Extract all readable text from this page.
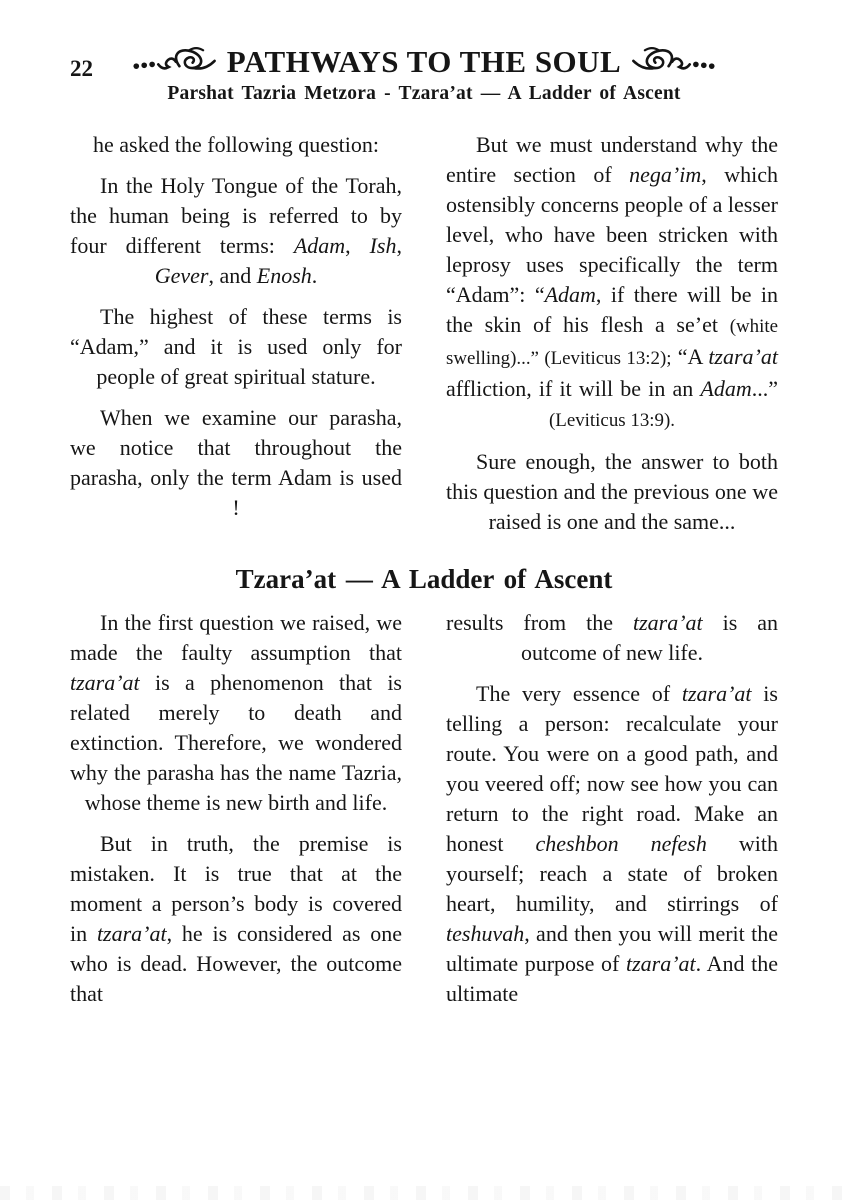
22	PATHWAYS TO THE SOUL
Parshat Tazria Metzora - Tzara’at — A Ladder of Ascent

he asked the following question:

In the Holy Tongue of the Torah, the human being is referred to by four different terms: Adam, Ish, Gever, and Enosh.

The highest of these terms is “Adam,” and it is used only for people of great spiritual stature.

When we examine our parasha, we notice that throughout the parasha, only the term Adam is used !

But we must understand why the entire section of nega’im, which ostensibly concerns people of a lesser level, who have been stricken with leprosy uses specifically the term “Adam”: “Adam, if there will be in the skin of his flesh a se’et (white swelling)...” (Leviticus 13:2); “A tzara’at affliction, if it will be in an Adam...” (Leviticus 13:9).

Sure enough, the answer to both this question and the previous one we raised is one and the same...

Tzara’at — A Ladder of Ascent

In the first question we raised, we made the faulty assumption that tzara’at is a phenomenon that is related merely to death and extinction. Therefore, we wondered why the parasha has the name Tazria, whose theme is new birth and life.

But in truth, the premise is mistaken. It is true that at the moment a person’s body is covered in tzara’at, he is considered as one who is dead. However, the outcome that

results from the tzara’at is an outcome of new life.

The very essence of tzara’at is telling a person: recalculate your route. You were on a good path, and you veered off; now see how you can return to the right road. Make an honest cheshbon nefesh with yourself; reach a state of broken heart, humility, and stirrings of teshuvah, and then you will merit the ultimate purpose of tzara’at. And the ultimate
